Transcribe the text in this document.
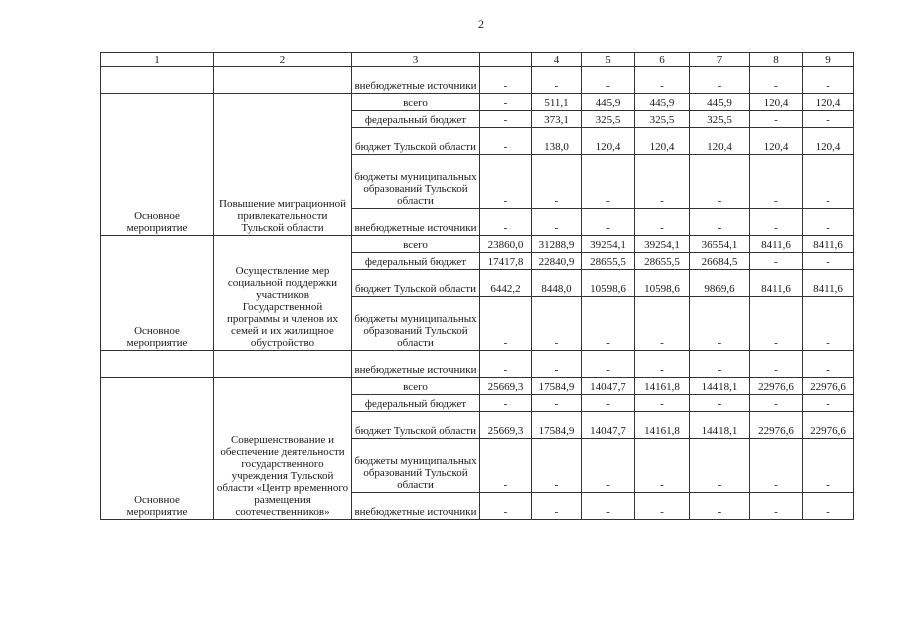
2
1	2	3		4	5	6	7	8	9
		внебюджетные источники	-	-	-	-	-	-	-
Основное мероприятие	Повышение миграционной привлекательности Тульской области	всего	-	511,1	445,9	445,9	445,9	120,4	120,4
		федеральный бюджет	-	373,1	325,5	325,5	325,5	-	-
		бюджет Тульской области	-	138,0	120,4	120,4	120,4	120,4	120,4
		бюджеты муниципальных образований Тульской области	-	-	-	-	-	-	-
		внебюджетные источники	-	-	-	-	-	-	-
Основное мероприятие	Осуществление мер социальной поддержки участников Государственной программы и членов их семей и их жилищное обустройство	всего	23860,0	31288,9	39254,1	39254,1	36554,1	8411,6	8411,6
		федеральный бюджет	17417,8	22840,9	28655,5	28655,5	26684,5	-	-
		бюджет Тульской области	6442,2	8448,0	10598,6	10598,6	9869,6	8411,6	8411,6
		бюджеты муниципальных образований Тульской области	-	-	-	-	-	-	-
		внебюджетные источники	-	-	-	-	-	-	-
Основное мероприятие	Совершенствование и обеспечение деятельности государственного учреждения Тульской области «Центр временного размещения соотечественников»	всего	25669,3	17584,9	14047,7	14161,8	14418,1	22976,6	22976,6
		федеральный бюджет	-	-	-	-	-	-	-
		бюджет Тульской области	25669,3	17584,9	14047,7	14161,8	14418,1	22976,6	22976,6
		бюджеты муниципальных образований Тульской области	-	-	-	-	-	-	-
		внебюджетные источники	-	-	-	-	-	-	-
